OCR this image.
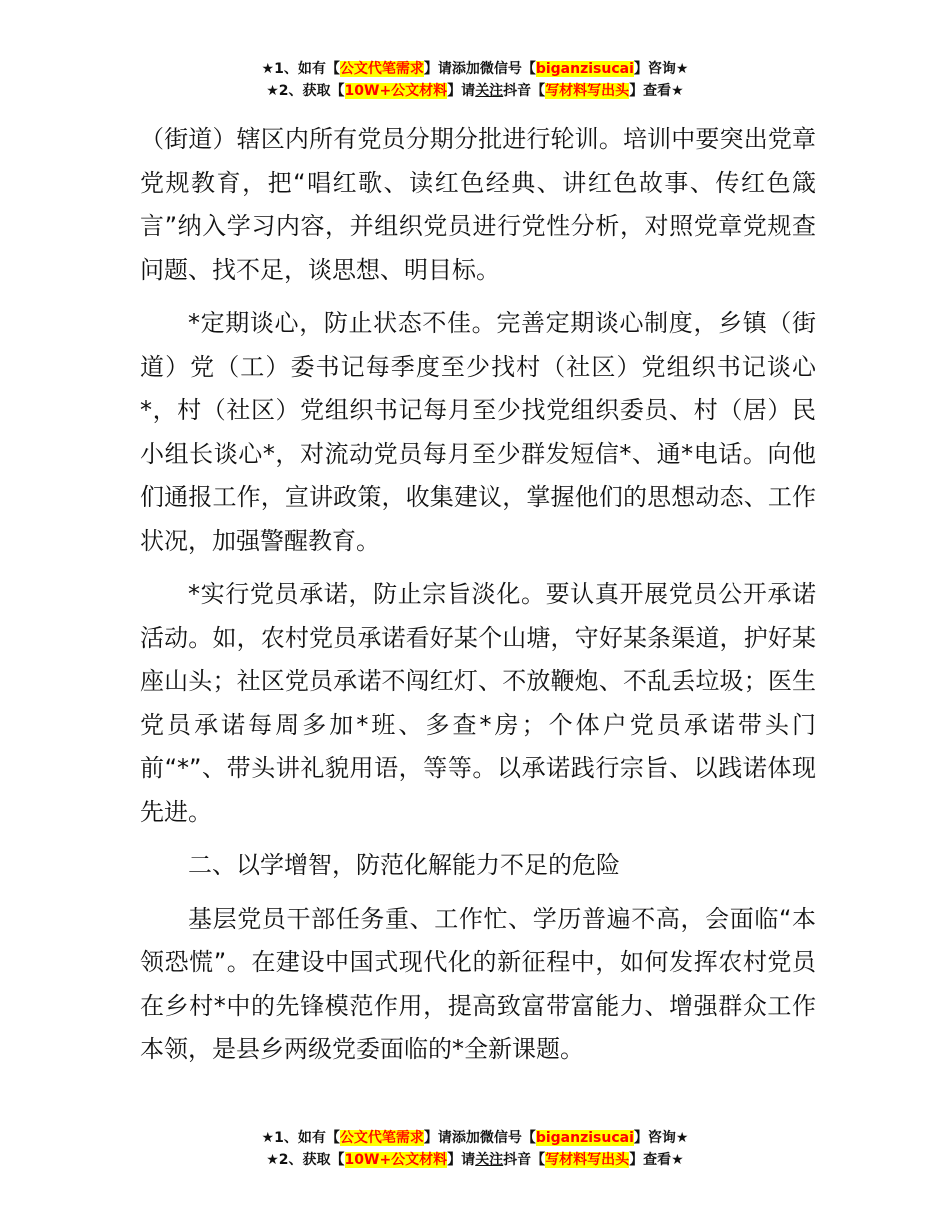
★1、如有【公文代笔需求】请添加微信号【biganzisucai】咨询★
★2、获取【10W+公文材料】请关注抖音【写材料写出头】查看★

（街道）辖区内所有党员分期分批进行轮训。培训中要突出党章党规教育，把“唱红歌、读红色经典、讲红色故事、传红色箴言”纳入学习内容，并组织党员进行党性分析，对照党章党规查问题、找不足，谈思想、明目标。

*定期谈心，防止状态不佳。完善定期谈心制度，乡镇（街道）党（工）委书记每季度至少找村（社区）党组织书记谈心*，村（社区）党组织书记每月至少找党组织委员、村（居）民小组长谈心*，对流动党员每月至少群发短信*、通*电话。向他们通报工作，宣讲政策，收集建议，掌握他们的思想动态、工作状况，加强警醒教育。

*实行党员承诺，防止宗旨淡化。要认真开展党员公开承诺活动。如，农村党员承诺看好某个山塘，守好某条渠道，护好某座山头；社区党员承诺不闯红灯、不放鞭炮、不乱丢垃圾；医生党员承诺每周多加*班、多查*房；个体户党员承诺带头门前“*”、带头讲礼貌用语，等等。以承诺践行宗旨、以践诺体现先进。

二、以学增智，防范化解能力不足的危险

基层党员干部任务重、工作忙、学历普遍不高，会面临“本领恐慌”。在建设中国式现代化的新征程中，如何发挥农村党员在乡村*中的先锋模范作用，提高致富带富能力、增强群众工作本领，是县乡两级党委面临的*全新课题。

★1、如有【公文代笔需求】请添加微信号【biganzisucai】咨询★
★2、获取【10W+公文材料】请关注抖音【写材料写出头】查看★
